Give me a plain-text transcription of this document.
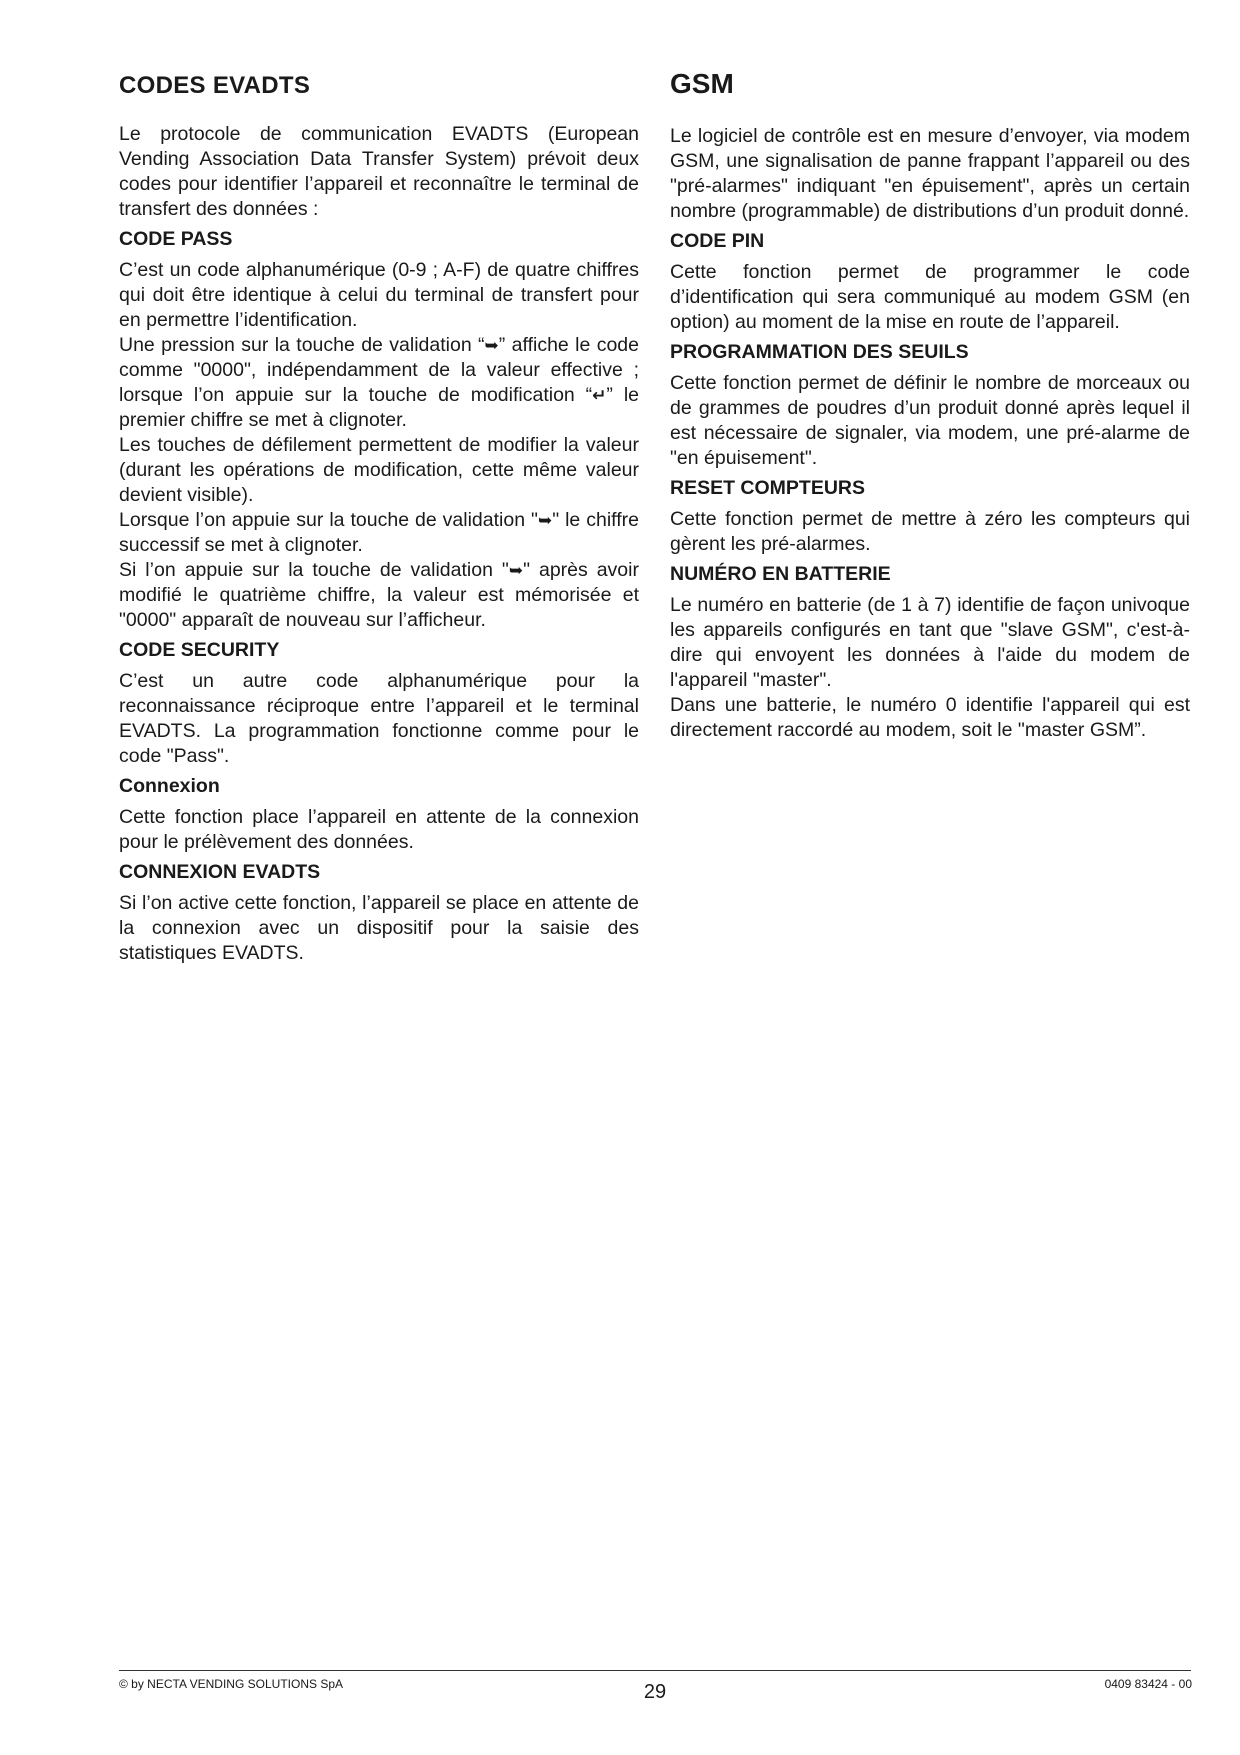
CODES EVADTS

Le protocole de communication EVADTS (European Vending Association Data Transfer System) prévoit deux codes pour identifier l’appareil et reconnaître le terminal de transfert des données :

CODE PASS

C’est un code alphanumérique (0-9 ; A-F) de quatre chiffres qui doit être identique à celui du terminal de transfert pour en permettre l’identification.

Une pression sur la touche de validation “➥” affiche le code comme "0000", indépendamment de la valeur effective ; lorsque l’on appuie sur la touche de modification “↵” le premier chiffre se met à clignoter.

Les touches de défilement permettent de modifier la valeur (durant les opérations de modification, cette même valeur devient visible).

Lorsque l’on appuie sur la touche de validation "➥" le chiffre successif se met à clignoter.

Si l’on appuie sur la touche de validation "➥" après avoir modifié le quatrième chiffre, la valeur est mémorisée et "0000" apparaît de nouveau sur l’afficheur.

CODE SECURITY

C’est un autre code alphanumérique pour la reconnaissance réciproque entre l’appareil et le terminal EVADTS. La programmation fonctionne comme pour le code "Pass".

Connexion

Cette fonction place l’appareil en attente de la connexion pour le prélèvement des données.

CONNEXION EVADTS

Si l’on active cette fonction, l’appareil se place en attente de la connexion avec un dispositif pour la saisie des statistiques EVADTS.

GSM

Le logiciel de contrôle est en mesure d’envoyer, via modem GSM, une signalisation de panne frappant l’appareil ou des "pré-alarmes" indiquant "en épuisement", après un certain nombre (programmable) de distributions d’un produit donné.

CODE PIN

Cette fonction permet de programmer le code d’identification qui sera communiqué au modem GSM (en option) au moment de la mise en route de l’appareil.

PROGRAMMATION DES SEUILS

Cette fonction permet de définir le nombre de morceaux ou de grammes de poudres d’un produit donné après lequel il est nécessaire de signaler, via modem, une pré-alarme de "en épuisement".

RESET COMPTEURS

Cette fonction permet de mettre à zéro les compteurs qui gèrent les pré-alarmes.

NUMÉRO EN BATTERIE

Le numéro en batterie (de 1 à 7) identifie de façon univoque les appareils configurés en tant que "slave GSM", c'est-à-dire qui envoyent les données à l'aide du modem de l'appareil "master".

Dans une batterie, le numéro 0 identifie l'appareil qui est directement raccordé au modem, soit le "master GSM”.

© by NECTA VENDING SOLUTIONS SpA	29	0409 83424 - 00
